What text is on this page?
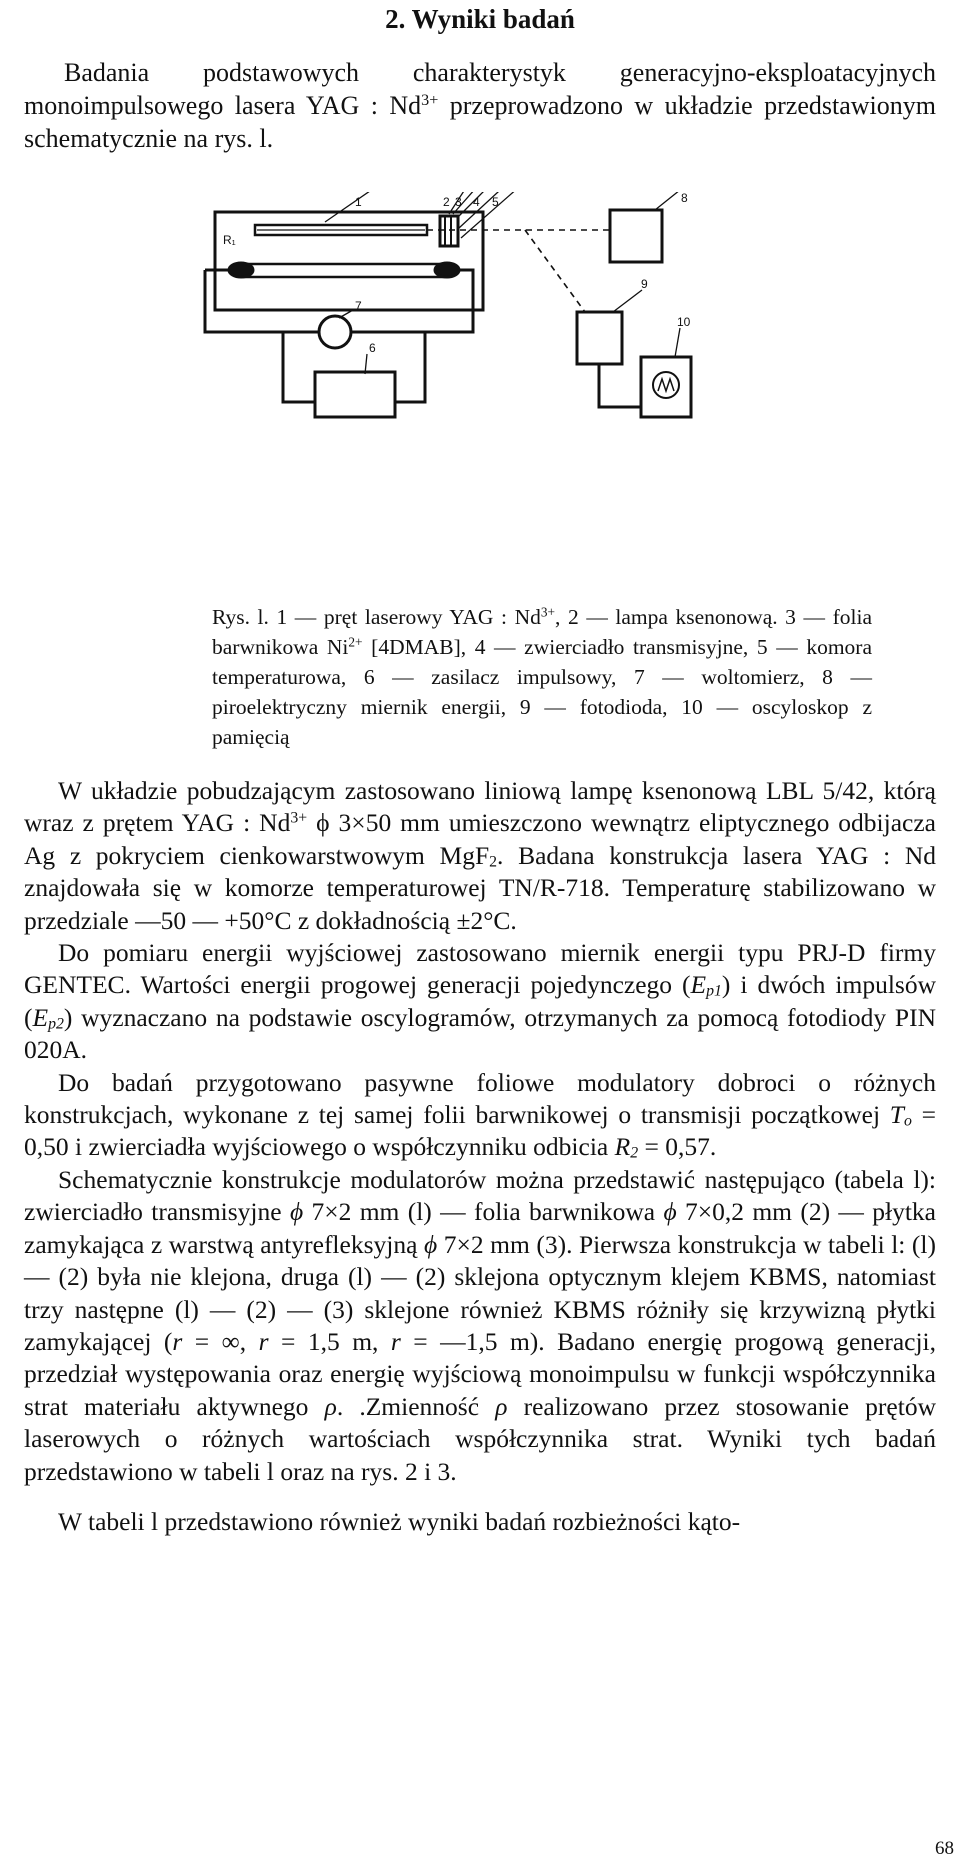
2. Wyniki badań

Badania podstawowych charakterystyk generacyjno-eksploatacyjnych monoimpulsowego lasera YAG : $Nd^{3+}$ przeprowadzono w układzie przedstawionym schematycznie na rys. l.

R₁
1	2 3 4 5	8
9
10
7
6

Rys. l. 1 — pręt laserowy YAG : $Nd^{3+}$, 2 — lampa ksenonową. 3 — folia barwnikowa $Ni^{2+}$ [4DMAB], 4 — zwierciadło transmisyjne, 5 — komora temperaturowa, 6 — zasilacz impulsowy, 7 — woltomierz, 8 — piroelektryczny miernik energii, 9 — fotodioda, 10 — oscyloskop z pamięcią

W układzie pobudzającym zastosowano liniową lampę ksenonową LBL 5/42, którą wraz z prętem YAG : $Nd^{3+}$ ϕ 3×50 mm umieszczono wewnątrz eliptycznego odbijacza Ag z pokryciem cienkowarstwowym MgF$_2$. Badana konstrukcja lasera YAG : Nd znajdowała się w komorze temperaturowej TN/R-718. Temperaturę stabilizowano w przedziale —50 — +50°C z dokładnością ±2°C.

Do pomiaru energii wyjściowej zastosowano miernik energii typu PRJ-D firmy GENTEC. Wartości energii progowej generacji pojedynczego $(E_{p1})$ i dwóch impulsów $(E_{p2})$ wyznaczano na podstawie oscylogramów, otrzymanych za pomocą fotodiody PIN 020A.

Do badań przygotowano pasywne foliowe modulatory dobroci o różnych konstrukcjach, wykonane z tej samej folii barwnikowej o transmisji początkowej $T_o = 0,50$ i zwierciadła wyjściowego o współczynniku odbicia $R_2 = 0,57$.

Schematycznie konstrukcje modulatorów można przedstawić następująco (tabela l): zwierciadło transmisyjne ϕ 7×2 mm (l) — folia barwnikowa ϕ 7×0,2 mm (2) — płytka zamykająca z warstwą antyrefleksyjną ϕ 7×2 mm (3). Pierwsza konstrukcja w tabeli l: (l) — (2) była nie klejona, druga (l) — (2) sklejona optycznym klejem KBMS, natomiast trzy następne (l) — (2) — (3) sklejone również KBMS różniły się krzywizną płytki zamykającej (r = ∞, r = 1,5 m, r = —1,5 m). Badano energię progową generacji, przedział występowania oraz energię wyjściową monoimpulsu w funkcji współczynnika strat materiału aktywnego ρ. .Zmienność ρ realizowano przez stosowanie prętów laserowych o różnych wartościach współczynnika strat. Wyniki tych badań przedstawiono w tabeli l oraz na rys. 2 i 3.

W tabeli l przedstawiono również wyniki badań rozbieżności kąto-

68
